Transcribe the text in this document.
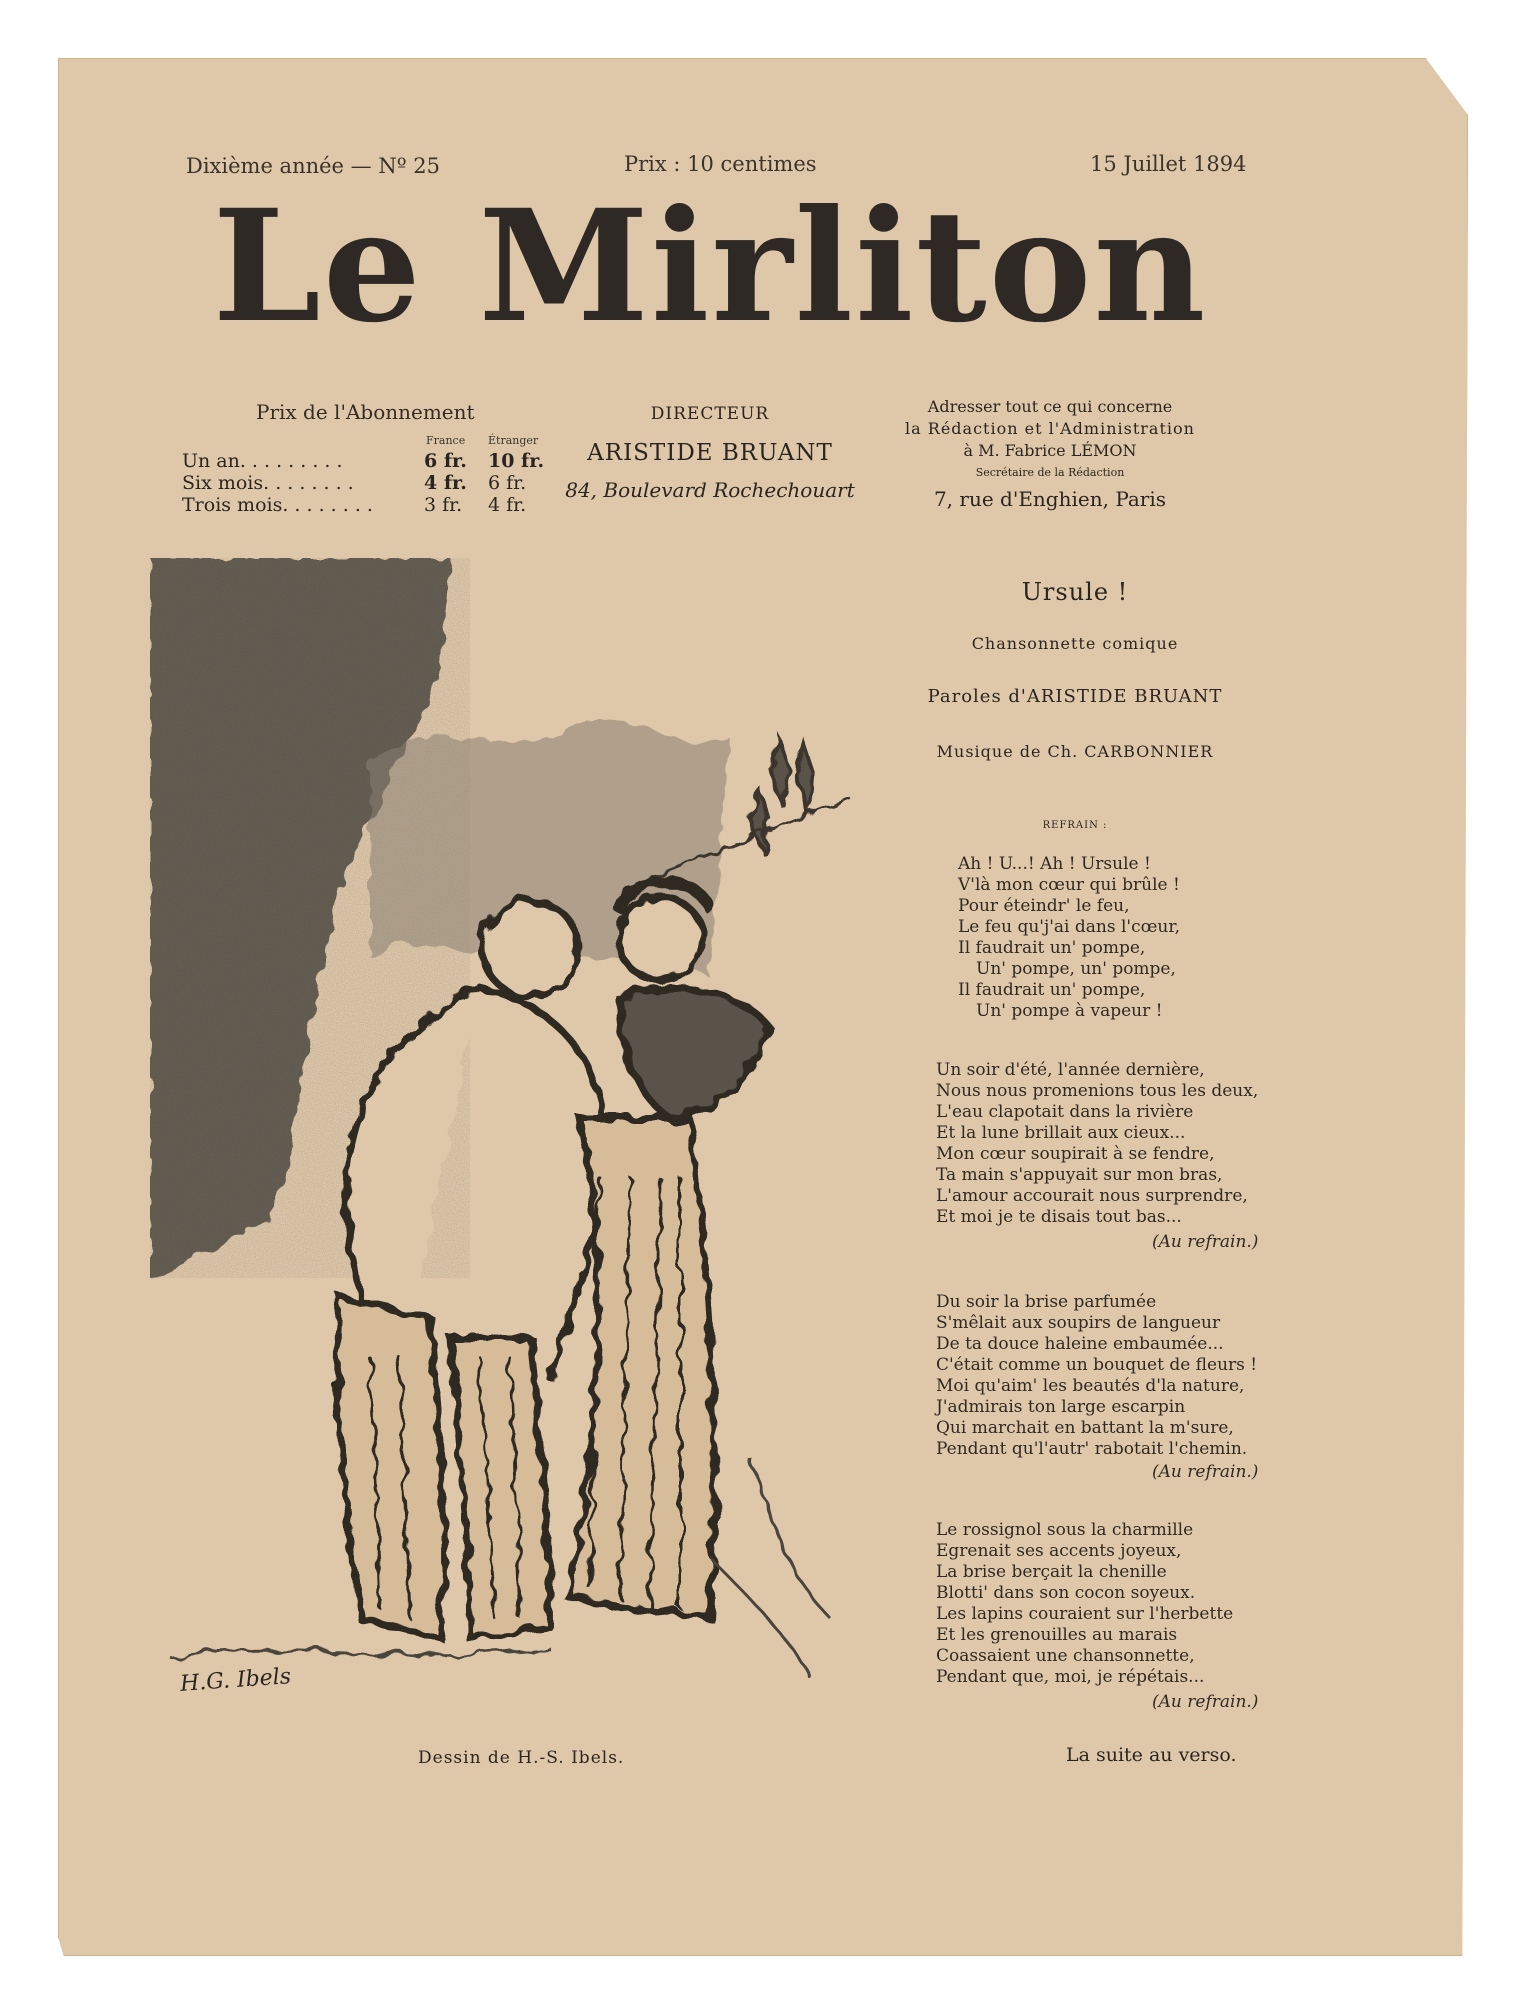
Dixième année — Nº 25	Prix : 10 centimes	15 Juillet 1894
Le Mirliton
Prix de l'Abonnement
France Étranger
Un an. . . . . . . . .	6 fr.	10 fr.
Six mois. . . . . . . .	4 fr.	6 fr.
Trois mois. . . . . . . .	3 fr.	4 fr.
DIRECTEUR
ARISTIDE BRUANT
84, Boulevard Rochechouart
Adresser tout ce qui concerne
la Rédaction et l'Administration
à M. Fabrice LÉMON
Secrétaire de la Rédaction
7, rue d'Enghien, Paris
H.G. Ibels
Ursule !
Chansonnette comique
Paroles d'ARISTIDE BRUANT
Musique de Ch. CARBONNIER
REFRAIN :
Ah ! U...! Ah ! Ursule !
V'là mon cœur qui brûle !
Pour éteindr' le feu,
Le feu qu'j'ai dans l'cœur,
Il faudrait un' pompe,
Un' pompe, un' pompe,
Il faudrait un' pompe,
Un' pompe à vapeur !
Un soir d'été, l'année dernière,
Nous nous promenions tous les deux,
L'eau clapotait dans la rivière
Et la lune brillait aux cieux...
Mon cœur soupirait à se fendre,
Ta main s'appuyait sur mon bras,
L'amour accourait nous surprendre,
Et moi je te disais tout bas...
(Au refrain.)
Du soir la brise parfumée
S'mêlait aux soupirs de langueur
De ta douce haleine embaumée...
C'était comme un bouquet de fleurs !
Moi qu'aim' les beautés d'la nature,
J'admirais ton large escarpin
Qui marchait en battant la m'sure,
Pendant qu'l'autr' rabotait l'chemin.
(Au refrain.)
Le rossignol sous la charmille
Egrenait ses accents joyeux,
La brise berçait la chenille
Blotti' dans son cocon soyeux.
Les lapins couraient sur l'herbette
Et les grenouilles au marais
Coassaient une chansonnette,
Pendant que, moi, je répétais...
(Au refrain.)
Dessin de H.-S. Ibels.	La suite au verso.
